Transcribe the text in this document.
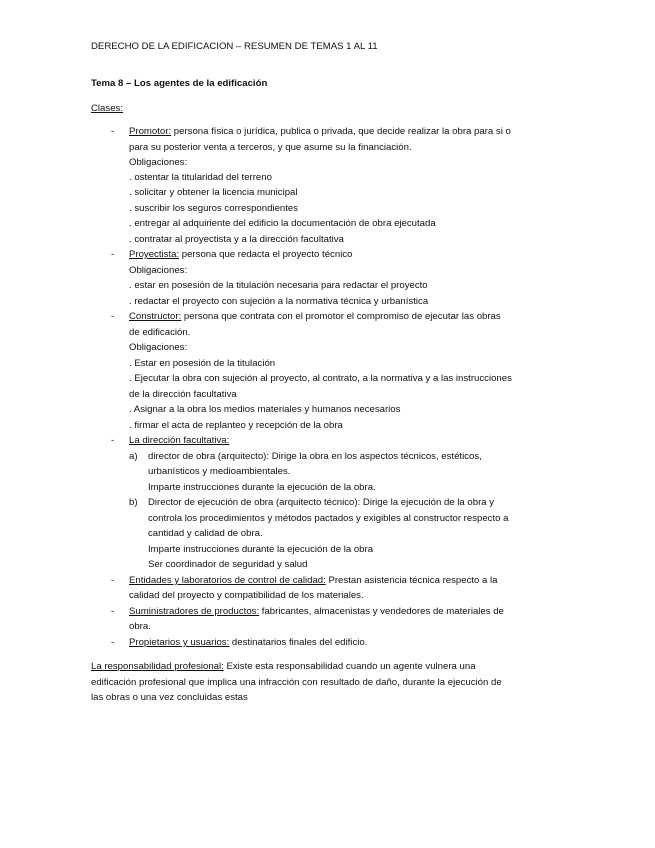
DERECHO DE LA EDIFICACION – RESUMEN DE TEMAS 1 AL 11
Tema 8 – Los agentes de la edificación
Clases:
- Promotor: persona física o jurídica, publica o privada, que decide realizar la obra para si o
para su posterior venta a terceros, y que asume su la financiación.
Obligaciones:
. ostentar la titularidad del terreno
. solicitar y obtener la licencia municipal
. suscribir los seguros correspondientes
. entregar al adquiriente del edificio la documentación de obra ejecutada
. contratar al proyectista y a la dirección facultativa
- Proyectista: persona que redacta el proyecto técnico
Obligaciones:
. estar en posesión de la titulación necesaria para redactar el proyecto
. redactar el proyecto con sujeción a la normativa técnica y urbanística
- Constructor: persona que contrata con el promotor el compromiso de ejecutar las obras
de edificación.
Obligaciones:
. Estar en posesión de la titulación
. Ejecutar la obra con sujeción al proyecto, al contrato, a la normativa y a las instrucciones
de la dirección facultativa
. Asignar a la obra los medios materiales y humanos necesarios
. firmar el acta de replanteo y recepción de la obra
- La dirección facultativa:
a) director de obra (arquitecto): Dirige la obra en los aspectos técnicos, estéticos,
urbanísticos y medioambientales.
Imparte instrucciones durante la ejecución de la obra.
b) Director de ejecución de obra (arquitecto técnico): Dirige la ejecución de la obra y
controla los procedimientos y métodos pactados y exigibles al constructor respecto a
cantidad y calidad de obra.
Imparte instrucciones durante la ejecución de la obra
Ser coordinador de seguridad y salud
- Entidades y laboratorios de control de calidad: Prestan asistencia técnica respecto a la
calidad del proyecto y compatibilidad de los materiales.
- Suministradores de productos: fabricantes, almacenistas y vendedores de materiales de
obra.
- Propietarios y usuarios: destinatarios finales del edificio.
La responsabilidad profesional: Existe esta responsabilidad cuando un agente vulnera una
edificación profesional que implica una infracción con resultado de daño, durante la ejecución de
las obras o una vez concluidas estas
